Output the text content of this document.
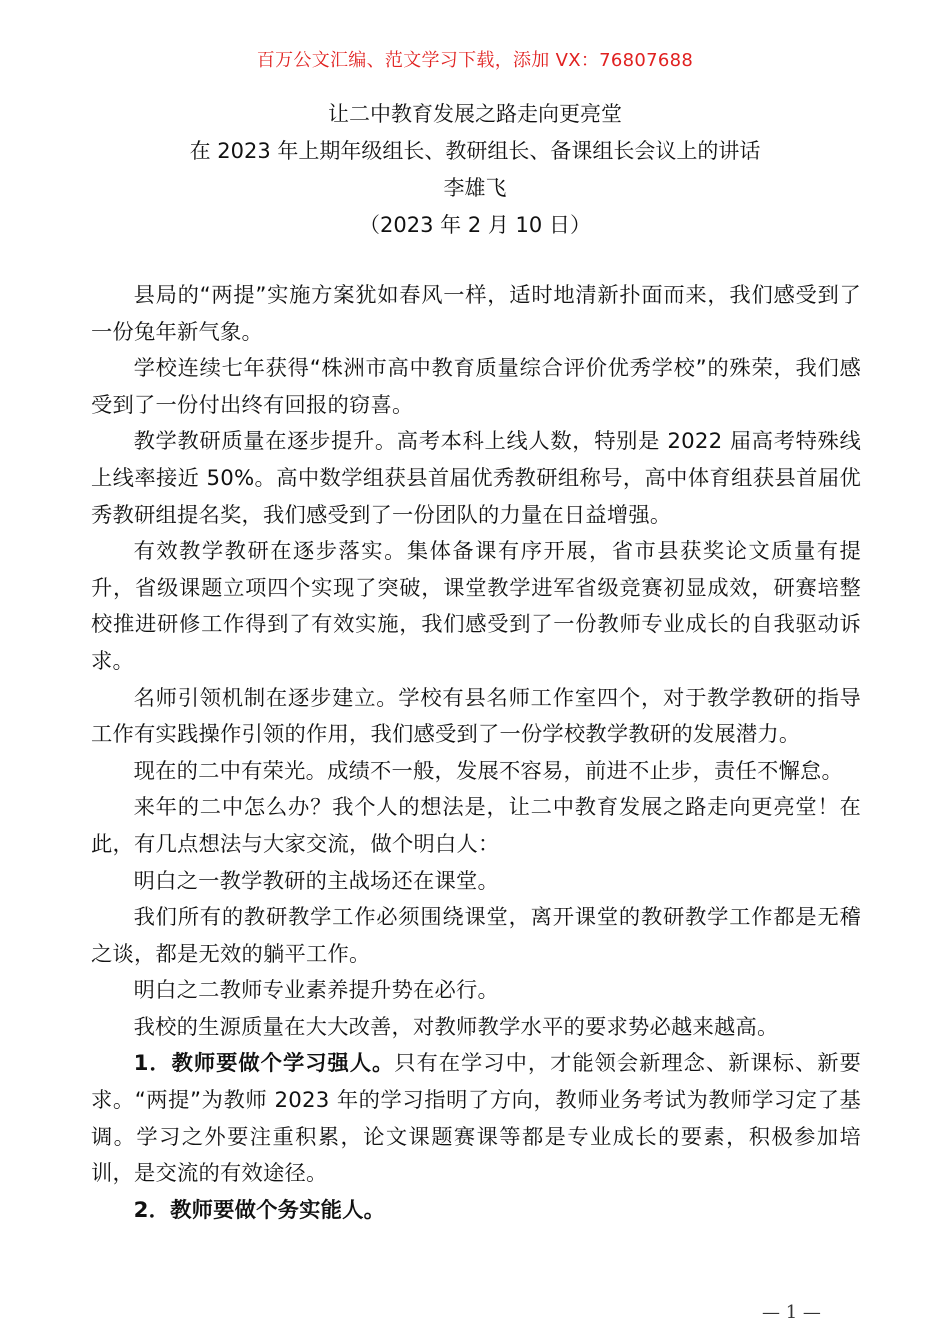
百万公文汇编、范文学习下载，添加 VX：76807688
让二中教育发展之路走向更亮堂
在 2023 年上期年级组长、教研组长、备课组长会议上的讲话
李雄飞
（2023 年 2 月 10 日）

县局的“两提”实施方案犹如春风一样，适时地清新扑面而来，我们感受到了一份兔年新气象。

学校连续七年获得“株洲市高中教育质量综合评价优秀学校”的殊荣，我们感受到了一份付出终有回报的窃喜。

教学教研质量在逐步提升。高考本科上线人数，特别是 2022 届高考特殊线上线率接近 50%。高中数学组获县首届优秀教研组称号，高中体育组获县首届优秀教研组提名奖，我们感受到了一份团队的力量在日益增强。

有效教学教研在逐步落实。集体备课有序开展，省市县获奖论文质量有提升，省级课题立项四个实现了突破，课堂教学进军省级竞赛初显成效，研赛培整校推进研修工作得到了有效实施，我们感受到了一份教师专业成长的自我驱动诉求。

名师引领机制在逐步建立。学校有县名师工作室四个，对于教学教研的指导工作有实践操作引领的作用，我们感受到了一份学校教学教研的发展潜力。

现在的二中有荣光。成绩不一般，发展不容易，前进不止步，责任不懈怠。

来年的二中怎么办？我个人的想法是，让二中教育发展之路走向更亮堂！在此，有几点想法与大家交流，做个明白人：

明白之一教学教研的主战场还在课堂。

我们所有的教研教学工作必须围绕课堂，离开课堂的教研教学工作都是无稽之谈，都是无效的躺平工作。

明白之二教师专业素养提升势在必行。

我校的生源质量在大大改善，对教师教学水平的要求势必越来越高。

1．教师要做个学习强人。只有在学习中，才能领会新理念、新课标、新要求。“两提”为教师 2023 年的学习指明了方向，教师业务考试为教师学习定了基调。学习之外要注重积累，论文课题赛课等都是专业成长的要素，积极参加培训，是交流的有效途径。

2．教师要做个务实能人。

— 1 —
